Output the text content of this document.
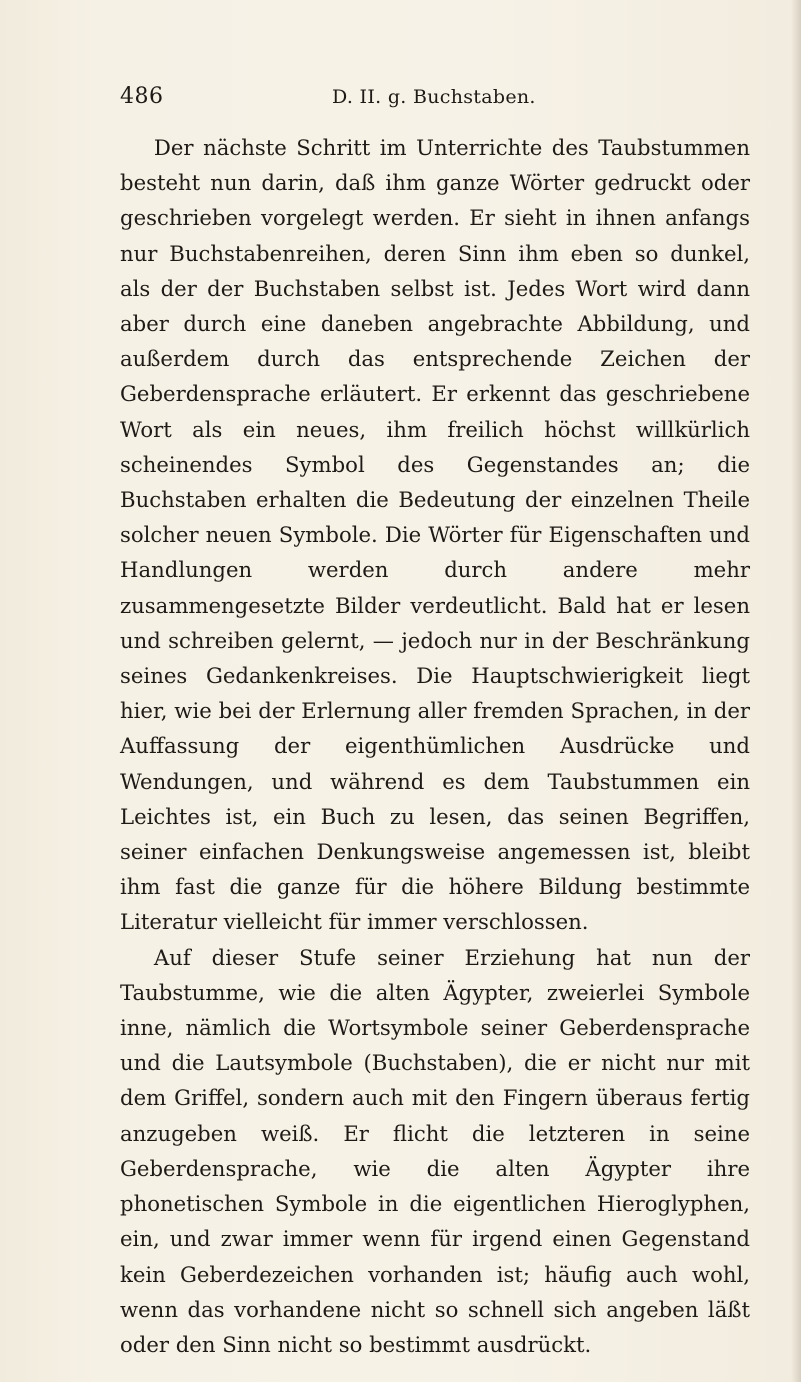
486	D. II. g. Buchstaben.

Der nächste Schritt im Unterrichte des Taubstummen besteht nun darin, daß ihm ganze Wörter gedruckt oder geschrieben vorgelegt werden. Er sieht in ihnen anfangs nur Buchstabenreihen, deren Sinn ihm eben so dunkel, als der der Buchstaben selbst ist. Jedes Wort wird dann aber durch eine daneben angebrachte Abbildung, und außerdem durch das entsprechende Zeichen der Geberdensprache erläutert. Er erkennt das geschriebene Wort als ein neues, ihm freilich höchst willkürlich scheinendes Symbol des Gegenstandes an; die Buchstaben erhalten die Bedeutung der einzelnen Theile solcher neuen Symbole. Die Wörter für Eigenschaften und Handlungen werden durch andere mehr zusammengesetzte Bilder verdeutlicht. Bald hat er lesen und schreiben gelernt, — jedoch nur in der Beschränkung seines Gedankenkreises. Die Hauptschwierigkeit liegt hier, wie bei der Erlernung aller fremden Sprachen, in der Auffassung der eigenthümlichen Ausdrücke und Wendungen, und während es dem Taubstummen ein Leichtes ist, ein Buch zu lesen, das seinen Begriffen, seiner einfachen Denkungsweise angemessen ist, bleibt ihm fast die ganze für die höhere Bildung bestimmte Literatur vielleicht für immer verschlossen.

Auf dieser Stufe seiner Erziehung hat nun der Taubstumme, wie die alten Ägypter, zweierlei Symbole inne, nämlich die Wortsymbole seiner Geberdensprache und die Lautsymbole (Buchstaben), die er nicht nur mit dem Griffel, sondern auch mit den Fingern überaus fertig anzugeben weiß. Er flicht die letzteren in seine Geberdensprache, wie die alten Ägypter ihre phonetischen Symbole in die eigentlichen Hieroglyphen, ein, und zwar immer wenn für irgend einen Gegenstand kein Geberdezeichen vorhanden ist; häufig auch wohl, wenn das vorhandene nicht so schnell sich angeben läßt oder den Sinn nicht so bestimmt ausdrückt.
